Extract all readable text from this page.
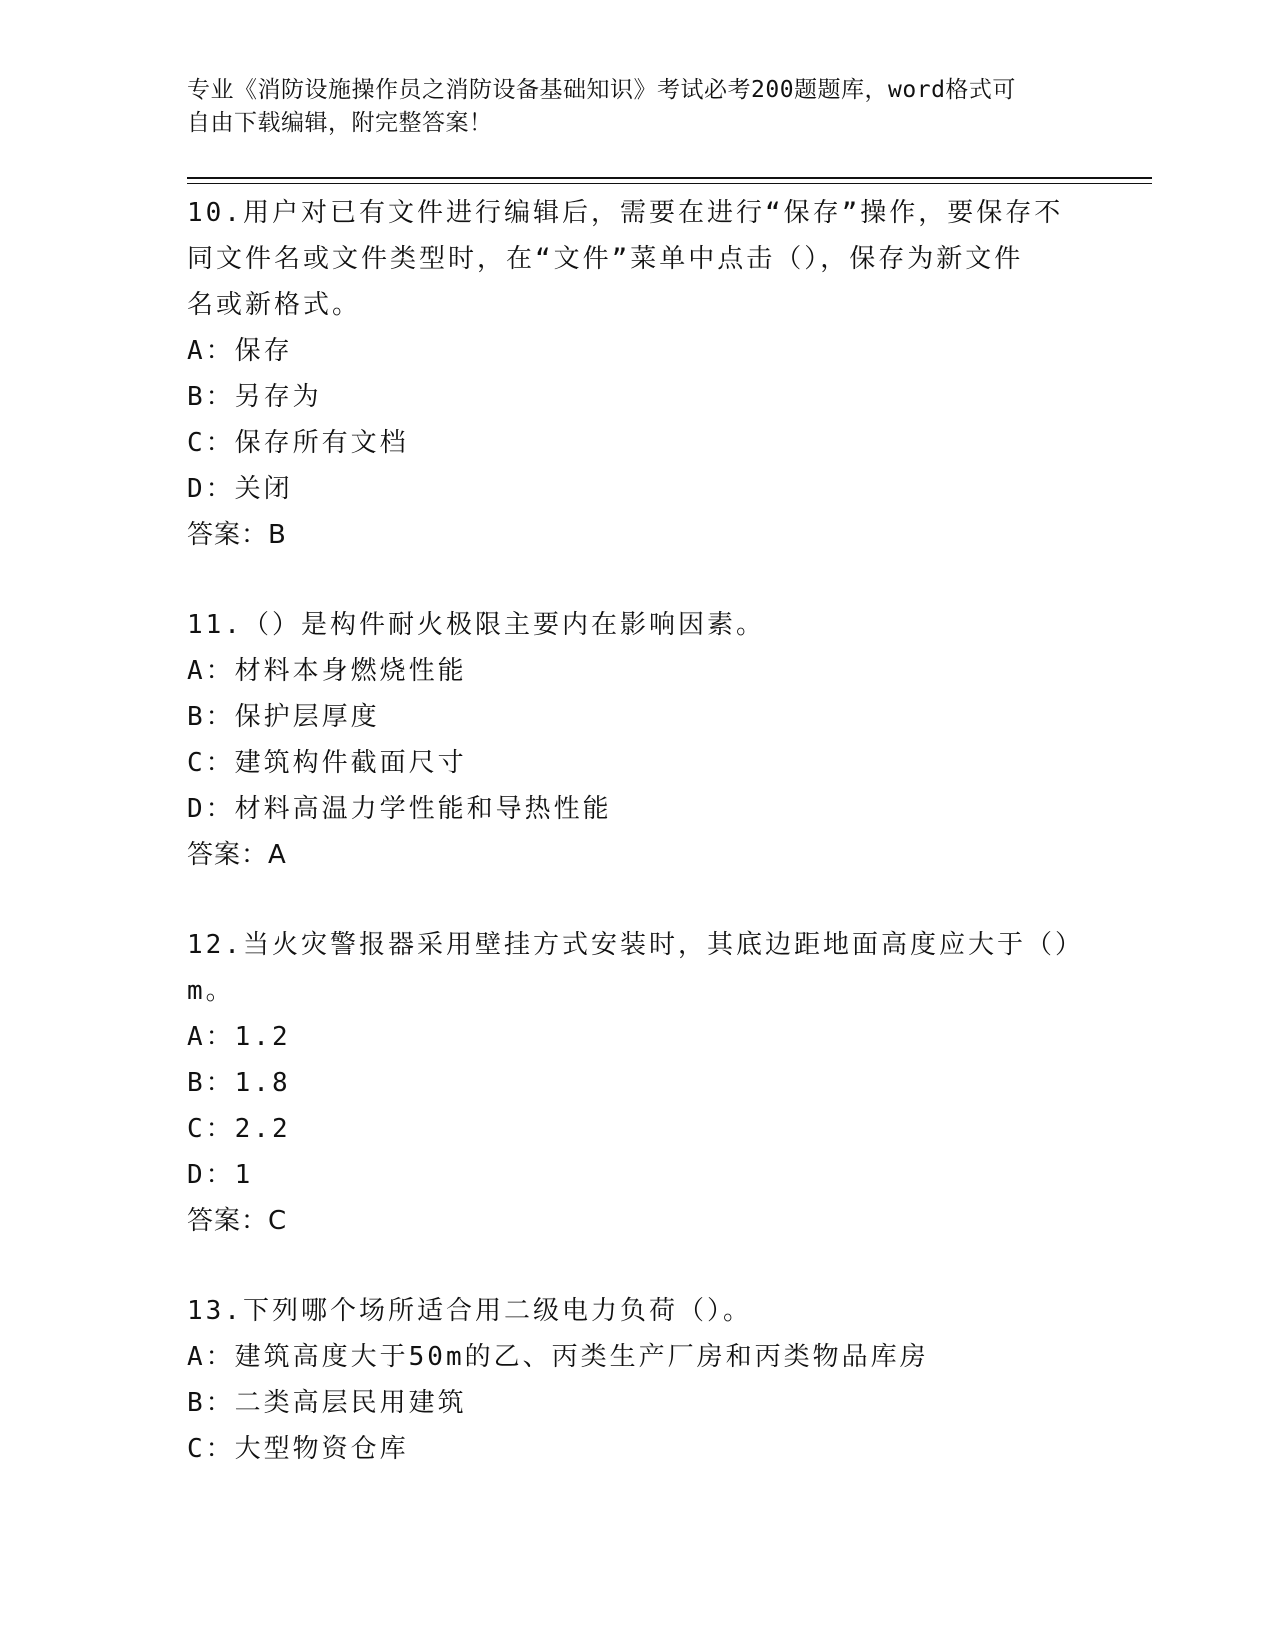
专业《消防设施操作员之消防设备基础知识》考试必考200题题库，word格式可
自由下载编辑，附完整答案！
10.用户对已有文件进行编辑后，需要在进行“保存”操作，要保存不
同文件名或文件类型时，在“文件”菜单中点击（），保存为新文件
名或新格式。
A：保存
B：另存为
C：保存所有文档
D：关闭
答案：B
11.（）是构件耐火极限主要内在影响因素。
A：材料本身燃烧性能
B：保护层厚度
C：建筑构件截面尺寸
D：材料高温力学性能和导热性能
答案：A
12.当火灾警报器采用壁挂方式安装时，其底边距地面高度应大于（）
m。
A：1.2
B：1.8
C：2.2
D：1
答案：C
13.下列哪个场所适合用二级电力负荷（）。
A：建筑高度大于50m的乙、丙类生产厂房和丙类物品库房
B：二类高层民用建筑
C：大型物资仓库
